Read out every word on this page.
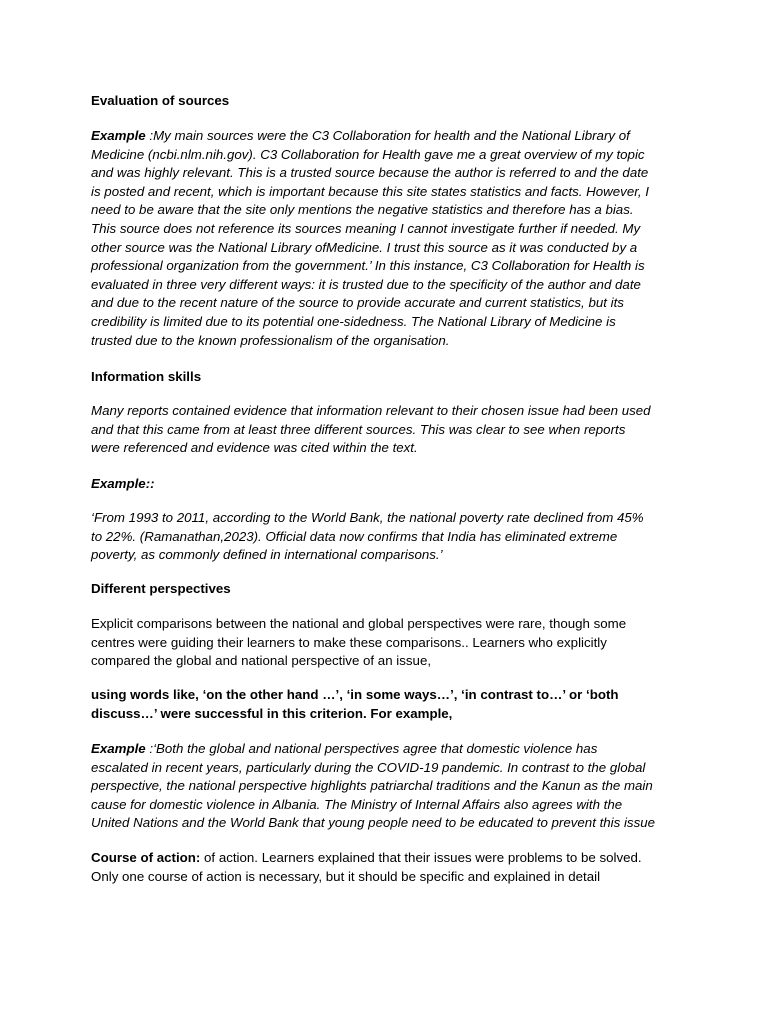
Evaluation of sources

Example :My main sources were the C3 Collaboration for health and the National Library of
Medicine (ncbi.nlm.nih.gov). C3 Collaboration for Health gave me a great overview of my topic
and was highly relevant. This is a trusted source because the author is referred to and the date
is posted and recent, which is important because this site states statistics and facts. However, I
need to be aware that the site only mentions the negative statistics and therefore has a bias.
This source does not reference its sources meaning I cannot investigate further if needed. My
other source was the National Library ofMedicine. I trust this source as it was conducted by a
professional organization from the government.’ In this instance, C3 Collaboration for Health is
evaluated in three very different ways: it is trusted due to the specificity of the author and date
and due to the recent nature of the source to provide accurate and current statistics, but its
credibility is limited due to its potential one-sidedness. The National Library of Medicine is
trusted due to the known professionalism of the organisation.

Information skills

Many reports contained evidence that information relevant to their chosen issue had been used
and that this came from at least three different sources. This was clear to see when reports
were referenced and evidence was cited within the text.

Example::

‘From 1993 to 2011, according to the World Bank, the national poverty rate declined from 45%
to 22%. (Ramanathan,2023). Official data now confirms that India has eliminated extreme
poverty, as commonly defined in international comparisons.’

Different perspectives

Explicit comparisons between the national and global perspectives were rare, though some
centres were guiding their learners to make these comparisons.. Learners who explicitly
compared the global and national perspective of an issue,
using words like, ‘on the other hand …’, ‘in some ways…’, ‘in contrast to…’ or ‘both
discuss…’ were successful in this criterion. For example,
Example :‘Both the global and national perspectives agree that domestic violence has
escalated in recent years, particularly during the COVID-19 pandemic. In contrast to the global
perspective, the national perspective highlights patriarchal traditions and the Kanun as the main
cause for domestic violence in Albania. The Ministry of Internal Affairs also agrees with the
United Nations and the World Bank that young people need to be educated to prevent this issue
Course of action: of action. Learners explained that their issues were problems to be solved.
Only one course of action is necessary, but it should be specific and explained in detail
